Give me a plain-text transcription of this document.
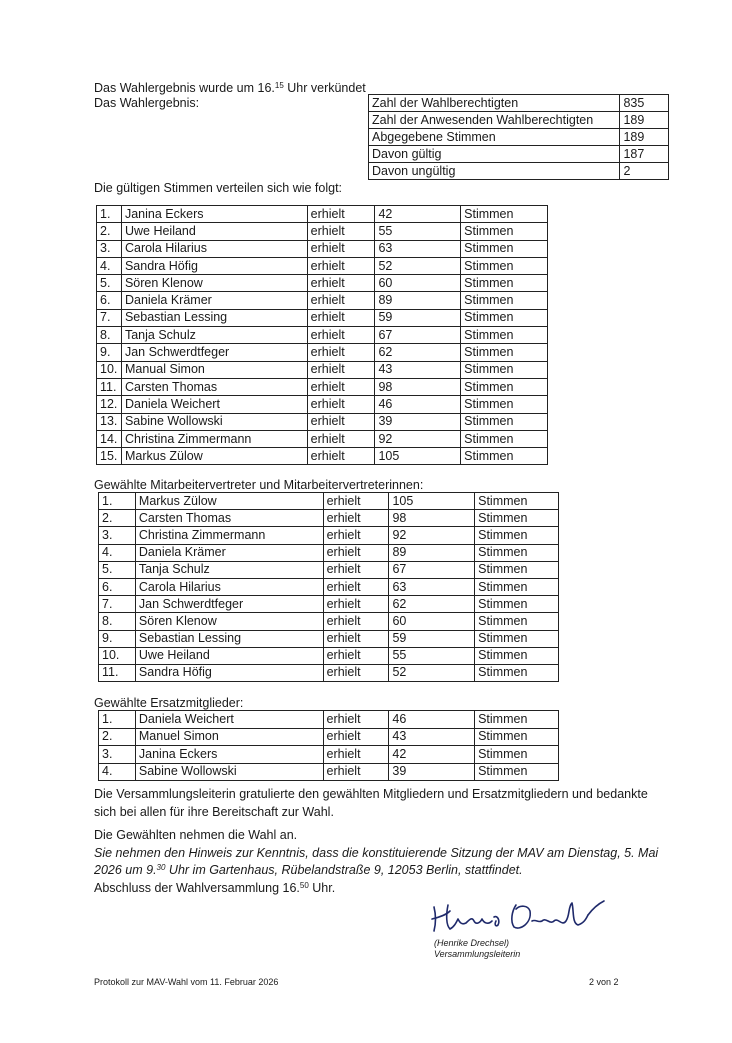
Das Wahlergebnis wurde um 16.15 Uhr verkündet
Das Wahlergebnis:	Zahl der Wahlberechtigten	835
Zahl der Anwesenden Wahlberechtigten	189
Abgegebene Stimmen	189
Davon gültig	187
Davon ungültig	2
Die gültigen Stimmen verteilen sich wie folgt:
1.	Janina Eckers	erhielt	42	Stimmen
2.	Uwe Heiland	erhielt	55	Stimmen
3.	Carola Hilarius	erhielt	63	Stimmen
4.	Sandra Höfig	erhielt	52	Stimmen
5.	Sören Klenow	erhielt	60	Stimmen
6.	Daniela Krämer	erhielt	89	Stimmen
7.	Sebastian Lessing	erhielt	59	Stimmen
8.	Tanja Schulz	erhielt	67	Stimmen
9.	Jan Schwerdtfeger	erhielt	62	Stimmen
10.	Manual Simon	erhielt	43	Stimmen
11.	Carsten Thomas	erhielt	98	Stimmen
12.	Daniela Weichert	erhielt	46	Stimmen
13.	Sabine Wollowski	erhielt	39	Stimmen
14.	Christina Zimmermann	erhielt	92	Stimmen
15.	Markus Zülow	erhielt	105	Stimmen
Gewählte Mitarbeitervertreter und Mitarbeitervertreterinnen:
1.	Markus Zülow	erhielt	105	Stimmen
2.	Carsten Thomas	erhielt	98	Stimmen
3.	Christina Zimmermann	erhielt	92	Stimmen
4.	Daniela Krämer	erhielt	89	Stimmen
5.	Tanja Schulz	erhielt	67	Stimmen
6.	Carola Hilarius	erhielt	63	Stimmen
7.	Jan Schwerdtfeger	erhielt	62	Stimmen
8.	Sören Klenow	erhielt	60	Stimmen
9.	Sebastian Lessing	erhielt	59	Stimmen
10.	Uwe Heiland	erhielt	55	Stimmen
11.	Sandra Höfig	erhielt	52	Stimmen
Gewählte Ersatzmitglieder:
1.	Daniela Weichert	erhielt	46	Stimmen
2.	Manuel Simon	erhielt	43	Stimmen
3.	Janina Eckers	erhielt	42	Stimmen
4.	Sabine Wollowski	erhielt	39	Stimmen
Die Versammlungsleiterin gratulierte den gewählten Mitgliedern und Ersatzmitgliedern und bedankte
sich bei allen für ihre Bereitschaft zur Wahl.
Die Gewählten nehmen die Wahl an.
Sie nehmen den Hinweis zur Kenntnis, dass die konstituierende Sitzung der MAV am Dienstag, 5. Mai
2026 um 9.30 Uhr im Gartenhaus, Rübelandstraße 9, 12053 Berlin, stattfindet.
Abschluss der Wahlversammlung 16.50 Uhr.
(Henrike Drechsel)
Versammlungsleiterin
Protokoll zur MAV-Wahl vom 11. Februar 2026	2 von 2
